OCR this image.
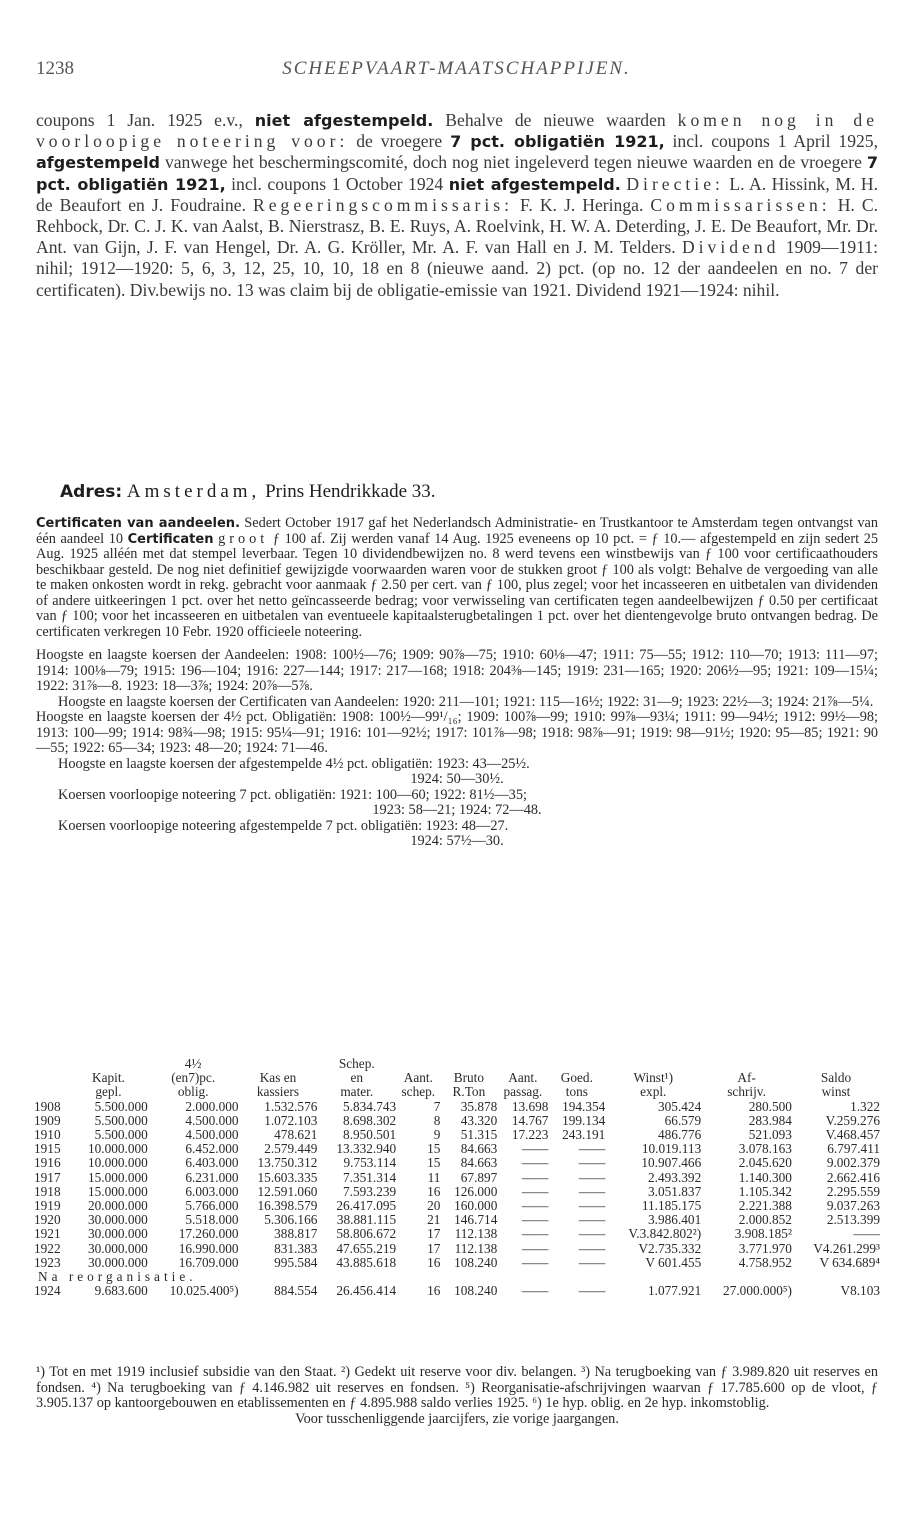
1238	SCHEEPVAART-MAATSCHAPPIJEN.

coupons 1 Jan. 1925 e.v., niet afgestempeld. Behalve de nieuwe waarden komen nog in de voorloopige noteering voor: de vroegere 7 pct. obligatiën 1921, incl. coupons 1 April 1925, afgestempeld vanwege het beschermingscomité, doch nog niet ingeleverd tegen nieuwe waarden en de vroegere 7 pct. obligatiën 1921, incl. coupons 1 October 1924 niet afgestempeld. Directie: L. A. Hissink, M. H. de Beaufort en J. Foudraine. Regeeringscommissaris: F. K. J. Heringa. Commissarissen: H. C. Rehbock, Dr. C. J. K. van Aalst, B. Nierstrasz, B. E. Ruys, A. Roelvink, H. W. A. Deterding, J. E. De Beaufort, Mr. Dr. Ant. van Gijn, J. F. van Hengel, Dr. A. G. Kröller, Mr. A. F. van Hall en J. M. Telders. Dividend 1909—1911: nihil; 1912—1920: 5, 6, 3, 12, 25, 10, 10, 18 en 8 (nieuwe aand. 2) pct. (op no. 12 der aandeelen en no. 7 der certificaten). Div.bewijs no. 13 was claim bij de obligatie-emissie van 1921. Dividend 1921—1924: nihil.

Adres: Amsterdam, Prins Hendrikkade 33.

Certificaten van aandeelen. Sedert October 1917 gaf het Nederlandsch Administratie- en Trustkantoor te Amsterdam tegen ontvangst van één aandeel 10 Certificaten groot ƒ 100 af. Zij werden vanaf 14 Aug. 1925 eveneens op 10 pct. = ƒ 10.— afgestempeld en zijn sedert 25 Aug. 1925 alléén met dat stempel leverbaar. Tegen 10 dividendbewijzen no. 8 werd tevens een winstbewijs van ƒ 100 voor certificaathouders beschikbaar gesteld. De nog niet definitief gewijzigde voorwaarden waren voor de stukken groot ƒ 100 als volgt: Behalve de vergoeding van alle te maken onkosten wordt in rekg. gebracht voor aanmaak ƒ 2.50 per cert. van ƒ 100, plus zegel; voor het incasseeren en uitbetalen van dividenden of andere uitkeeringen 1 pct. over het netto geïncasseerde bedrag; voor verwisseling van certificaten tegen aandeelbewijzen ƒ 0.50 per certificaat van ƒ 100; voor het incasseeren en uitbetalen van eventueele kapitaalsterugbetalingen 1 pct. over het dientengevolge bruto ontvangen bedrag. De certificaten verkregen 10 Febr. 1920 officieele noteering.

Hoogste en laagste koersen der Aandeelen: 1908: 100½—76; 1909: 90⅞—75; 1910: 60⅛—47; 1911: 75—55; 1912: 110—70; 1913: 111—97; 1914: 100⅛—79; 1915: 196—104; 1916: 227—144; 1917: 217—168; 1918: 204⅜—145; 1919: 231—165; 1920: 206½—95; 1921: 109—15¼; 1922: 31⅞—8. 1923: 18—3⅞; 1924: 20⅞—5⅞.

Hoogste en laagste koersen der Certificaten van Aandeelen: 1920: 211—101; 1921: 115—16½; 1922: 31—9; 1923: 22½—3; 1924: 21⅞—5¼.

Hoogste en laagste koersen der 4½ pct. Obligatiën: 1908: 100½—99¹/₁₆; 1909: 100⅞—99; 1910: 99⅞—93¼; 1911: 99—94½; 1912: 99½—98; 1913: 100—99; 1914: 98¾—98; 1915: 95¼—91; 1916: 101—92½; 1917: 101⅞—98; 1918: 98⅞—91; 1919: 98—91½; 1920: 95—85; 1921: 90—55; 1922: 65—34; 1923: 48—20; 1924: 71—46.

Hoogste en laagste koersen der afgestempelde 4½ pct. obligatiën: 1923: 43—25½.

1924: 50—30½.

Koersen voorloopige noteering 7 pct. obligatiën: 1921: 100—60; 1922: 81½—35;

1923: 58—21; 1924: 72—48.

Koersen voorloopige noteering afgestempelde 7 pct. obligatiën: 1923: 48—27.

1924: 57½—30.

		4½		Schep.							
	Kapit.	(en7)pc.	Kas en	en	Aant.	Bruto	Aant.	Goed.	Winst¹)	Af-	Saldo
	gepl.	oblig.	kassiers	mater.	schep.	R.Ton	passag.	tons	expl.	schrijv.	winst
1908	5.500.000	2.000.000	1.532.576	5.834.743	7	35.878	13.698	194.354	305.424	280.500	1.322
1909	5.500.000	4.500.000	1.072.103	8.698.302	8	43.320	14.767	199.134	66.579	283.984	V.259.276
1910	5.500.000	4.500.000	478.621	8.950.501	9	51.315	17.223	243.191	486.776	521.093	V.468.457
1915	10.000.000	6.452.000	2.579.449	13.332.940	15	84.663	——	——	10.019.113	3.078.163	6.797.411
1916	10.000.000	6.403.000	13.750.312	9.753.114	15	84.663	——	——	10.907.466	2.045.620	9.002.379
1917	15.000.000	6.231.000	15.603.335	7.351.314	11	67.897	——	——	2.493.392	1.140.300	2.662.416
1918	15.000.000	6.003.000	12.591.060	7.593.239	16	126.000	——	——	3.051.837	1.105.342	2.295.559
1919	20.000.000	5.766.000	16.398.579	26.417.095	20	160.000	——	——	11.185.175	2.221.388	9.037.263
1920	30.000.000	5.518.000	5.306.166	38.881.115	21	146.714	——	——	3.986.401	2.000.852	2.513.399
1921	30.000.000	17.260.000	388.817	58.806.672	17	112.138	——	——	V.3.842.802²)	3.908.185²	——
1922	30.000.000	16.990.000	831.383	47.655.219	17	112.138	——	——	V2.735.332	3.771.970	V4.261.299³
1923	30.000.000	16.709.000	995.584	43.885.618	16	108.240	——	——	V 601.455	4.758.952	V 634.689⁴
Na reorganisatie.											
1924	9.683.600	10.025.400⁵)	884.554	26.456.414	16	108.240	——	——	1.077.921	27.000.000⁵)	V8.103

¹) Tot en met 1919 inclusief subsidie van den Staat. ²) Gedekt uit reserve voor div. belangen. ³) Na terugboeking van ƒ 3.989.820 uit reserves en fondsen. ⁴) Na terugboeking van ƒ 4.146.982 uit reserves en fondsen. ⁵) Reorganisatie-afschrijvingen waarvan ƒ 17.785.600 op de vloot, ƒ 3.905.137 op kantoorgebouwen en etablissementen en ƒ 4.895.988 saldo verlies 1925. ⁶) 1e hyp. oblig. en 2e hyp. inkomstoblig.

Voor tusschenliggende jaarcijfers, zie vorige jaargangen.
